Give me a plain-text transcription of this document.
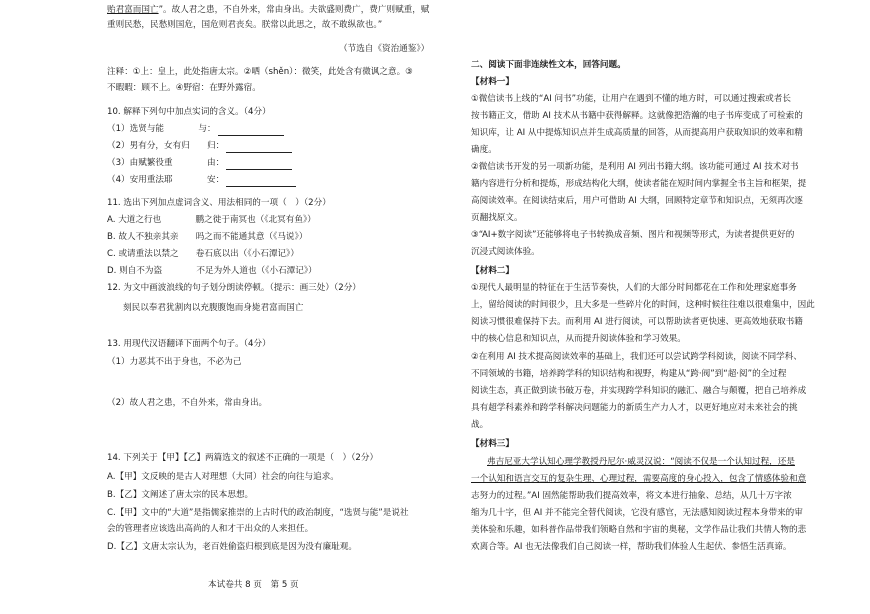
贻君富而国亡”。故人君之患，不自外来，常由身出。夫欲盛则费广，费广则赋重，赋

重则民愁，民愁则国危，国危则君丧矣。朕常以此思之，故不敢纵欲也。”

（节选自《资治通鉴》）

注释：①上：皇上，此处指唐太宗。②哂（shěn）：微笑，此处含有微讽之意。③

不暇暇：顾不上。④野宿：在野外露宿。

10. 解释下列句中加点实词的含义。（4分）

（1）选贤与能　　　　与：

（2）男有分，女有归　　归：

（3）由赋繁役重　　　　由：

（4）安用重法耶　　　　安：

11. 选出下列加点虚词含义、用法相同的一项（　）（2分）

A. 大道之行也　　　　鹏之徙于南冥也（《北冥有鱼》）

B. 故人不独亲其亲　　吗之而不能通其意（《马说》）

C. 或请重法以禁之　　卷石底以出（《小石潭记》）

D. 则自不为盗　　　　不足为外人道也（《小石潭记》）

12. 为文中画波浪线的句子划分朗读停顿。（提示：画三处）（2分）

刻民以奉君犹割肉以充腹腹饱而身毙君富而国亡

13. 用现代汉语翻译下面两个句子。（4分）

（1）力恶其不出于身也，不必为己

（2）故人君之患，不自外来，常由身出。

14. 下列关于【甲】【乙】两篇选文的叙述不正确的一项是（　）（2分）

A.【甲】文反映的是古人对理想（大同）社会的向往与追求。

B.【乙】文阐述了唐太宗的民本思想。

C.【甲】文中的“大道”是指儒家推崇的上古时代的政治制度，“选贤与能”是说社

会的管理者应该选出高尚的人和才干出众的人来担任。

D.【乙】文唐太宗认为，老百姓偷盗归根到底是因为没有廉耻观。

二、阅读下面非连续性文本，回答问题。

【材料一】

①微信读书上线的“AI 问书”功能，让用户在遇到不懂的地方时，可以通过搜索或者长

按书籍正文，借助 AI 技术从书籍中获得解释。这就像把浩瀚的电子书库变成了可检索的

知识库，让 AI 从中提炼知识点并生成高质量的回答，从而提高用户获取知识的效率和精

确度。

②微信读书开发的另一项新功能，是利用 AI 列出书籍大纲。该功能可通过 AI 技术对书

籍内容进行分析和提炼，形成结构化大纲，使读者能在短时间内掌握全书主旨和框架，提

高阅读效率。在阅读结束后，用户可借助 AI 大纲，回顾特定章节和知识点，无须再次逐

页翻找原文。

③“AI+数字阅读”还能够将电子书转换成音频、图片和视频等形式，为读者提供更好的

沉浸式阅读体验。

【材料二】

①现代人最明显的特征在于生活节奏快，人们的大部分时间都花在工作和处理家庭事务

上，留给阅读的时间很少，且大多是一些碎片化的时间，这种时候往往难以很难集中，因此

阅读习惯很难保持下去。而利用 AI 进行阅读，可以帮助读者更快速、更高效地获取书籍

中的核心信息和知识点，从而提升阅读体验和学习效果。

②在利用 AI 技术提高阅读效率的基础上，我们还可以尝试跨学科阅读，阅读不同学科、

不同领域的书籍，培养跨学科的知识结构和视野，构建从“跨·阀”到“超·阅”的全过程

阅读生态，真正做到读书破万卷，并实现跨学科知识的融汇、融合与颠覆，把自己培养成

具有超学科素养和跨学科解决问题能力的新质生产力人才，以更好地应对未来社会的挑

战。

【材料三】

弗吉尼亚大学认知心理学教授丹尼尔·威灵汉说：“阅读不仅是一个认知过程，还是

一个认知和语言交互的复杂生理、心理过程，需要高度的身心投入，包含了情感体验和意

志努力的过程。”AI 固然能帮助我们提高效率，将文本进行抽象、总结，从几十万字浓

缩为几十字，但 AI 并不能完全替代阅读，它没有感官，无法感知阅读过程本身带来的审

美体验和乐趣，如科普作品带我们领略自然和宇宙的奥秘，文学作品让我们共情人物的悲

欢离合等。AI 也无法像我们自己阅读一样，帮助我们体验人生起伏、参悟生活真谛。

本试卷共 8 页　第 5 页
